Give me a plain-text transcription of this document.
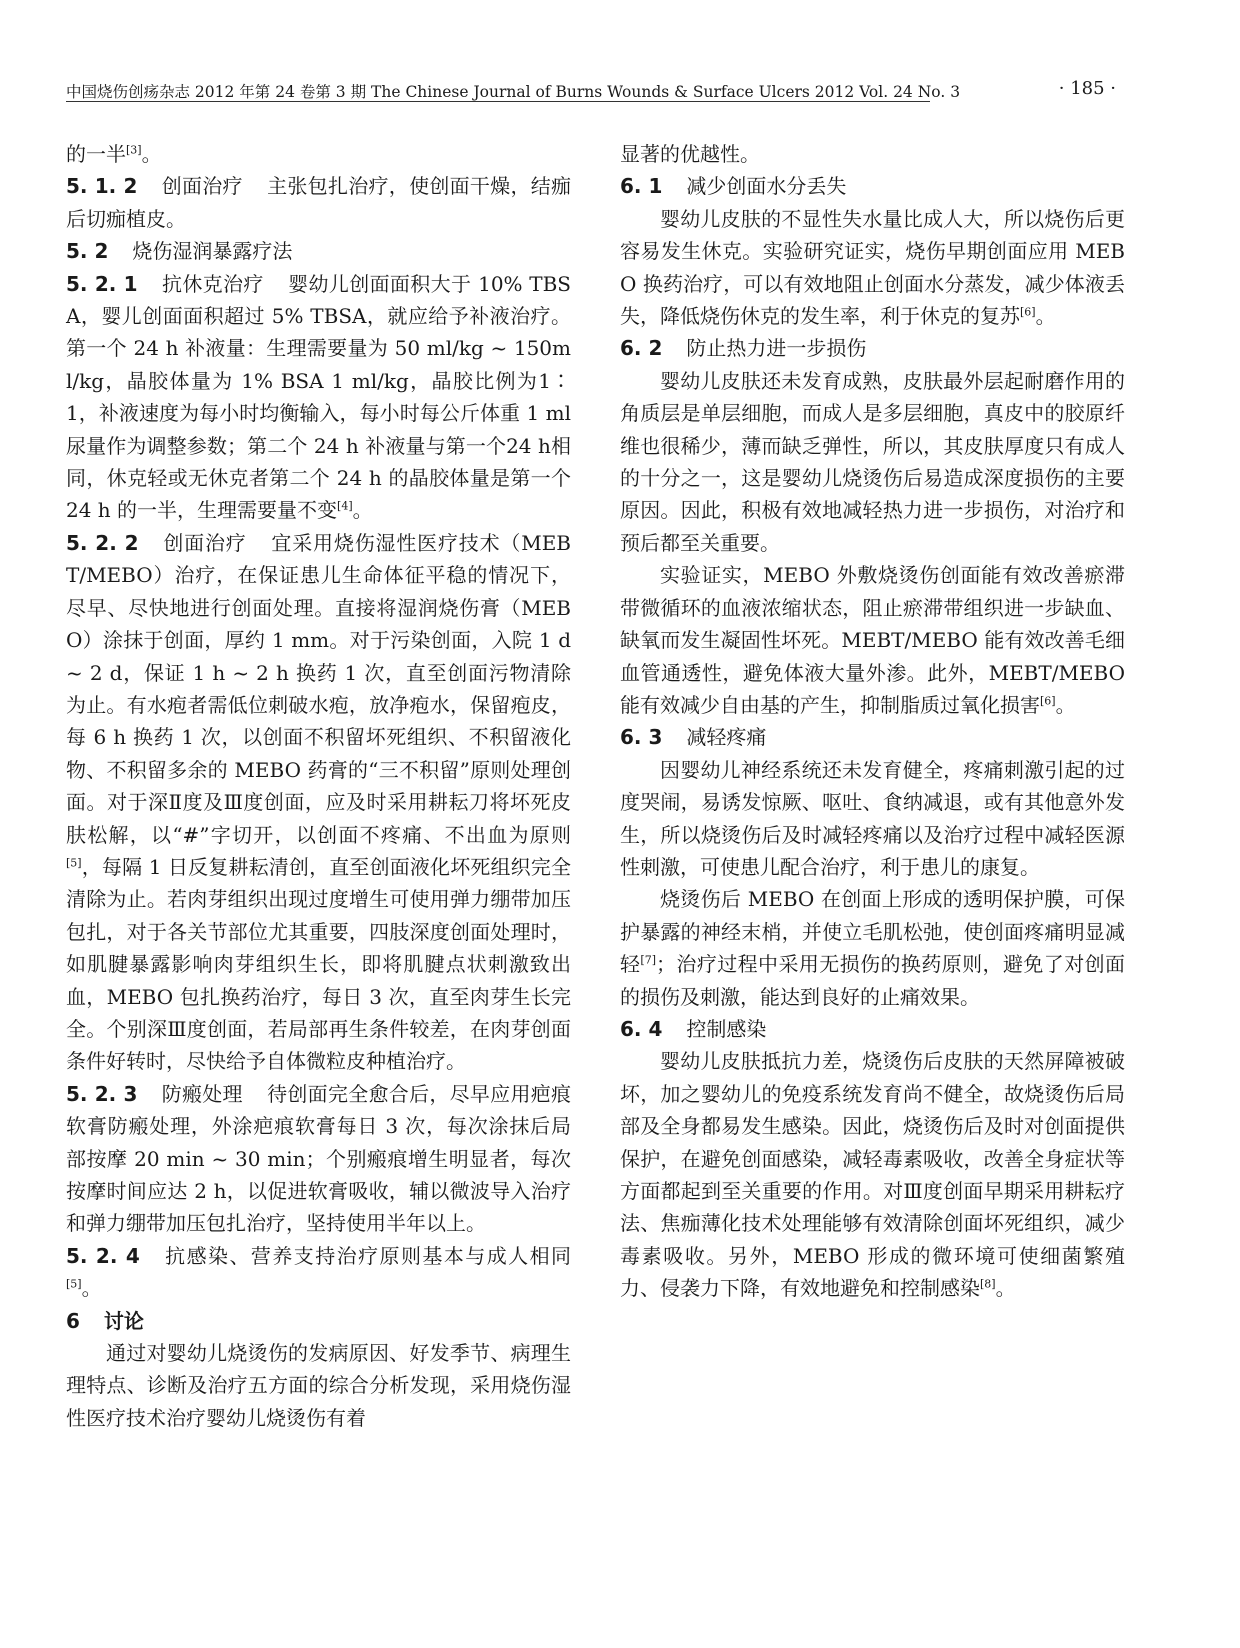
中国烧伤创疡杂志 2012 年第 24 卷第 3 期 The Chinese Journal of Burns Wounds & Surface Ulcers 2012 Vol. 24 No. 3	· 185 ·

的一半[3]。

5. 1. 2 创面治疗 主张包扎治疗，使创面干燥，结痂后切痂植皮。

5. 2 烧伤湿润暴露疗法

5. 2. 1 抗休克治疗 婴幼儿创面面积大于 10% TBSA，婴儿创面面积超过 5% TBSA，就应给予补液治疗。第一个 24 h 补液量：生理需要量为 50 ml/kg ~ 150ml/kg，晶胶体量为 1% BSA 1 ml/kg，晶胶比例为1∶1，补液速度为每小时均衡输入，每小时每公斤体重 1 ml 尿量作为调整参数；第二个 24 h 补液量与第一个24 h相同，休克轻或无休克者第二个 24 h 的晶胶体量是第一个 24 h 的一半，生理需要量不变[4]。

5. 2. 2 创面治疗 宜采用烧伤湿性医疗技术（MEBT/MEBO）治疗，在保证患儿生命体征平稳的情况下，尽早、尽快地进行创面处理。直接将湿润烧伤膏（MEBO）涂抹于创面，厚约 1 mm。对于污染创面，入院 1 d ~ 2 d，保证 1 h ~ 2 h 换药 1 次，直至创面污物清除为止。有水疱者需低位刺破水疱，放净疱水，保留疱皮，每 6 h 换药 1 次，以创面不积留坏死组织、不积留液化物、不积留多余的 MEBO 药膏的“三不积留”原则处理创面。对于深Ⅱ度及Ⅲ度创面，应及时采用耕耘刀将坏死皮肤松解，以“#”字切开，以创面不疼痛、不出血为原则[5]，每隔 1 日反复耕耘清创，直至创面液化坏死组织完全清除为止。若肉芽组织出现过度增生可使用弹力绷带加压包扎，对于各关节部位尤其重要，四肢深度创面处理时，如肌腱暴露影响肉芽组织生长，即将肌腱点状刺激致出血，MEBO 包扎换药治疗，每日 3 次，直至肉芽生长完全。个别深Ⅲ度创面，若局部再生条件较差，在肉芽创面条件好转时，尽快给予自体微粒皮种植治疗。

5. 2. 3 防瘢处理 待创面完全愈合后，尽早应用疤痕软膏防瘢处理，外涂疤痕软膏每日 3 次，每次涂抹后局部按摩 20 min ~ 30 min；个别瘢痕增生明显者，每次按摩时间应达 2 h，以促进软膏吸收，辅以微波导入治疗和弹力绷带加压包扎治疗，坚持使用半年以上。

5. 2. 4 抗感染、营养支持治疗原则基本与成人相同[5]。

6 讨论

通过对婴幼儿烧烫伤的发病原因、好发季节、病理生理特点、诊断及治疗五方面的综合分析发现，采用烧伤湿性医疗技术治疗婴幼儿烧烫伤有着

显著的优越性。

6. 1 减少创面水分丢失

婴幼儿皮肤的不显性失水量比成人大，所以烧伤后更容易发生休克。实验研究证实，烧伤早期创面应用 MEBO 换药治疗，可以有效地阻止创面水分蒸发，减少体液丢失，降低烧伤休克的发生率，利于休克的复苏[6]。

6. 2 防止热力进一步损伤

婴幼儿皮肤还未发育成熟，皮肤最外层起耐磨作用的角质层是单层细胞，而成人是多层细胞，真皮中的胶原纤维也很稀少，薄而缺乏弹性，所以，其皮肤厚度只有成人的十分之一，这是婴幼儿烧烫伤后易造成深度损伤的主要原因。因此，积极有效地减轻热力进一步损伤，对治疗和预后都至关重要。

实验证实，MEBO 外敷烧烫伤创面能有效改善瘀滞带微循环的血液浓缩状态，阻止瘀滞带组织进一步缺血、缺氧而发生凝固性坏死。MEBT/MEBO 能有效改善毛细血管通透性，避免体液大量外渗。此外，MEBT/MEBO 能有效减少自由基的产生，抑制脂质过氧化损害[6]。

6. 3 减轻疼痛

因婴幼儿神经系统还未发育健全，疼痛刺激引起的过度哭闹，易诱发惊厥、呕吐、食纳减退，或有其他意外发生，所以烧烫伤后及时减轻疼痛以及治疗过程中减轻医源性刺激，可使患儿配合治疗，利于患儿的康复。

烧烫伤后 MEBO 在创面上形成的透明保护膜，可保护暴露的神经末梢，并使立毛肌松弛，使创面疼痛明显减轻[7]；治疗过程中采用无损伤的换药原则，避免了对创面的损伤及刺激，能达到良好的止痛效果。

6. 4 控制感染

婴幼儿皮肤抵抗力差，烧烫伤后皮肤的天然屏障被破坏，加之婴幼儿的免疫系统发育尚不健全，故烧烫伤后局部及全身都易发生感染。因此，烧烫伤后及时对创面提供保护，在避免创面感染，减轻毒素吸收，改善全身症状等方面都起到至关重要的作用。对Ⅲ度创面早期采用耕耘疗法、焦痂薄化技术处理能够有效清除创面坏死组织，减少毒素吸收。另外，MEBO 形成的微环境可使细菌繁殖力、侵袭力下降，有效地避免和控制感染[8]。
